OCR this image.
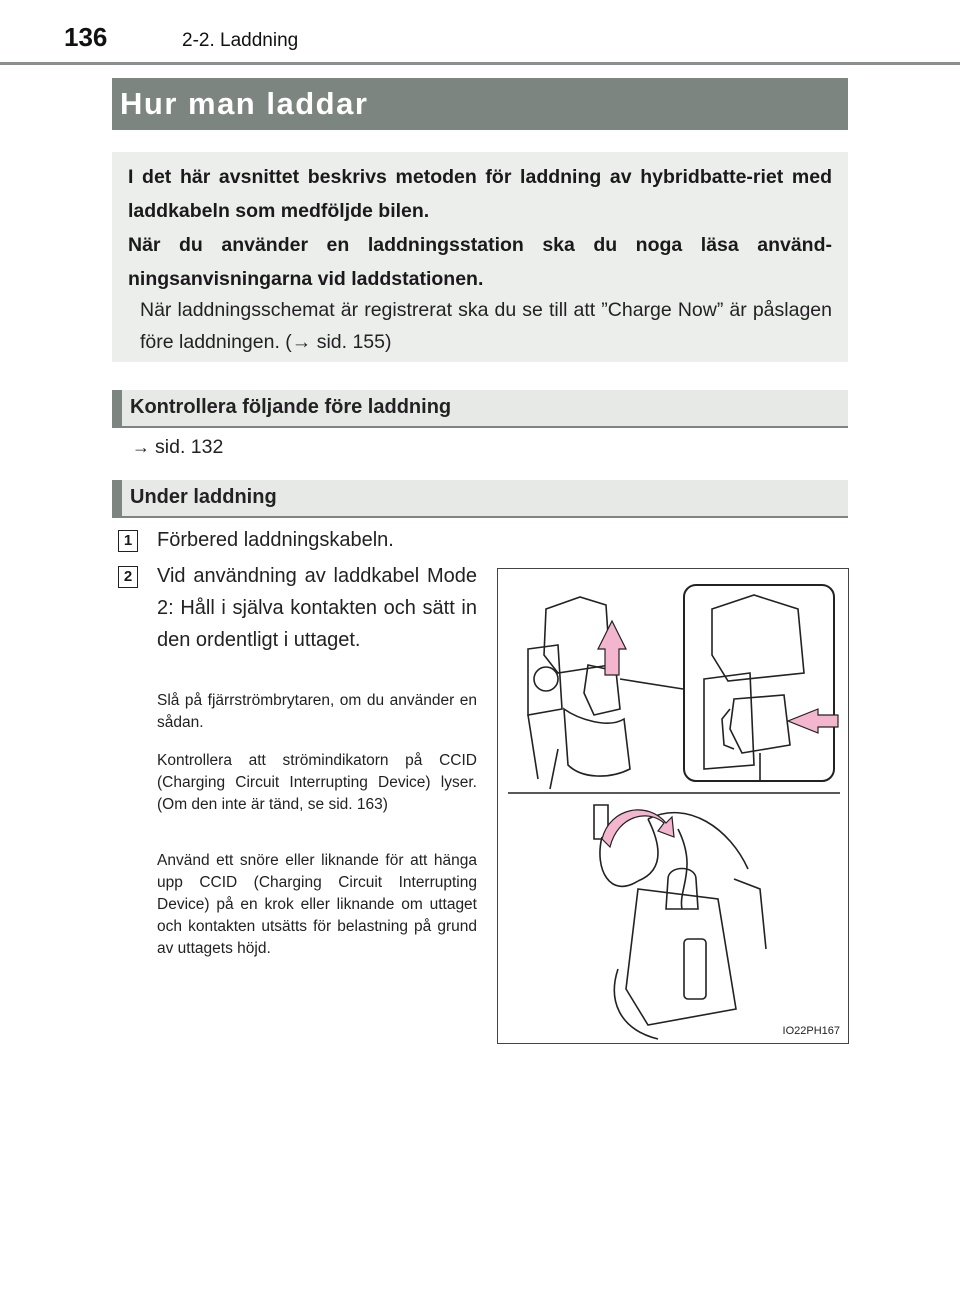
136	2-2. Laddning
Hur man laddar

I det här avsnittet beskrivs metoden för laddning av hybridbatte-riet med laddkabeln som medföljde bilen.

När du använder en laddningsstation ska du noga läsa använd-ningsanvisningarna vid laddstationen.

När laddningsschemat är registrerat ska du se till att ”Charge Now” är påslagen före laddningen. (→ sid. 155)

Kontrollera följande före laddning
→ sid. 132
Under laddning
1 Förbered laddningskabeln.
2 Vid användning av laddkabel Mode 2: Håll i själva kontakten och sätt in den ordentligt i uttaget.

Slå på fjärrströmbrytaren, om du använder en sådan.

Kontrollera att strömindikatorn på CCID (Charging Circuit Interrupting Device) lyser. (Om den inte är tänd, se sid. 163)

Använd ett snöre eller liknande för att hänga upp CCID (Charging Circuit Interrupting Device) på en krok eller liknande om uttaget och kontakten utsätts för belastning på grund av uttagets höjd.

IO22PH167
